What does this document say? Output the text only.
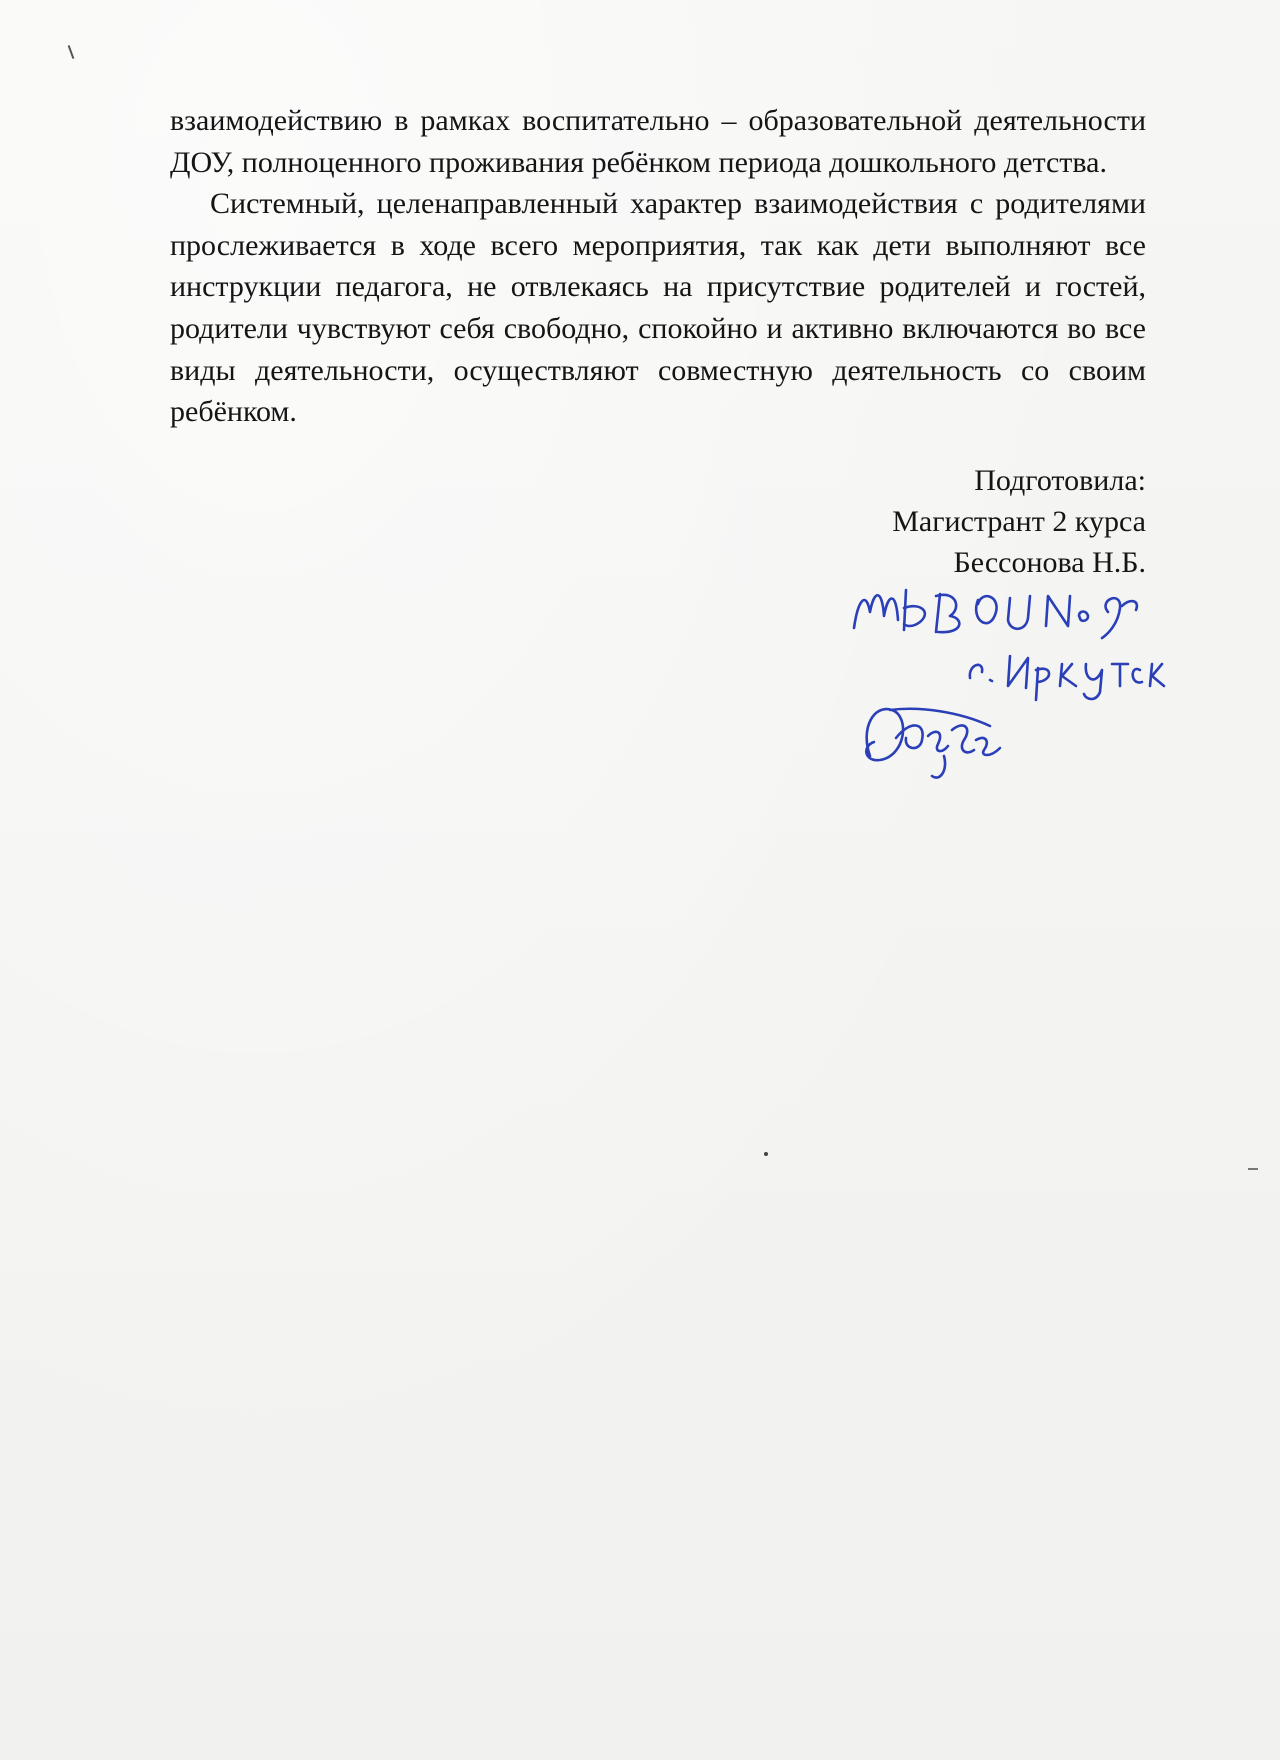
взаимодействию в рамках воспитательно – образовательной деятельности ДОУ, полноценного проживания ребёнком периода дошкольного детства.

Системный, целенаправленный характер взаимодействия с родителями прослеживается в ходе всего мероприятия, так как дети выполняют все инструкции педагога, не отвлекаясь на присутствие родителей и гостей, родители чувствуют себя свободно, спокойно и активно включаются во все виды деятельности, осуществляют совместную деятельность со своим ребёнком.

Подготовила:
Магистрант 2 курса
Бессонова Н.Б.
